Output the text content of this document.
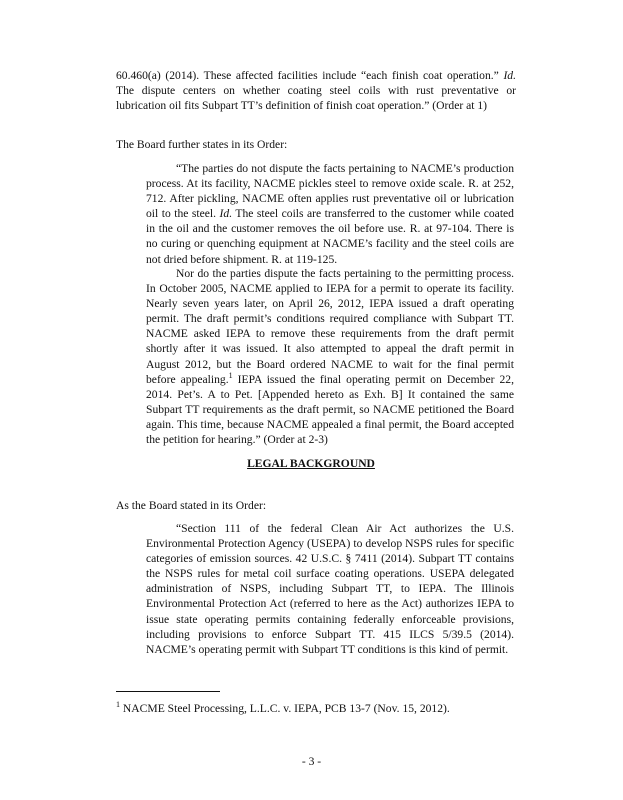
60.460(a) (2014). These affected facilities include “each finish coat operation.” Id. The dispute centers on whether coating steel coils with rust preventative or lubrication oil fits Subpart TT’s definition of finish coat operation.” (Order at 1)

The Board further states in its Order:

“The parties do not dispute the facts pertaining to NACME’s production process. At its facility, NACME pickles steel to remove oxide scale. R. at 252, 712. After pickling, NACME often applies rust preventative oil or lubrication oil to the steel. Id. The steel coils are transferred to the customer while coated in the oil and the customer removes the oil before use. R. at 97-104. There is no curing or quenching equipment at NACME’s facility and the steel coils are not dried before shipment. R. at 119-125.

Nor do the parties dispute the facts pertaining to the permitting process. In October 2005, NACME applied to IEPA for a permit to operate its facility. Nearly seven years later, on April 26, 2012, IEPA issued a draft operating permit. The draft permit’s conditions required compliance with Subpart TT. NACME asked IEPA to remove these requirements from the draft permit shortly after it was issued. It also attempted to appeal the draft permit in August 2012, but the Board ordered NACME to wait for the final permit before appealing.$^1$ IEPA issued the final operating permit on December 22, 2014. Pet’s. A to Pet. [Appended hereto as Exh. B] It contained the same Subpart TT requirements as the draft permit, so NACME petitioned the Board again. This time, because NACME appealed a final permit, the Board accepted the petition for hearing.” (Order at 2-3)

LEGAL BACKGROUND

As the Board stated in its Order:

“Section 111 of the federal Clean Air Act authorizes the U.S. Environmental Protection Agency (USEPA) to develop NSPS rules for specific categories of emission sources. 42 U.S.C. § 7411 (2014). Subpart TT contains the NSPS rules for metal coil surface coating operations. USEPA delegated administration of NSPS, including Subpart TT, to IEPA. The Illinois Environmental Protection Act (referred to here as the Act) authorizes IEPA to issue state operating permits containing federally enforceable provisions, including provisions to enforce Subpart TT. 415 ILCS 5/39.5 (2014). NACME’s operating permit with Subpart TT conditions is this kind of permit.

$^1$ NACME Steel Processing, L.L.C. v. IEPA, PCB 13-7 (Nov. 15, 2012).

- 3 -
